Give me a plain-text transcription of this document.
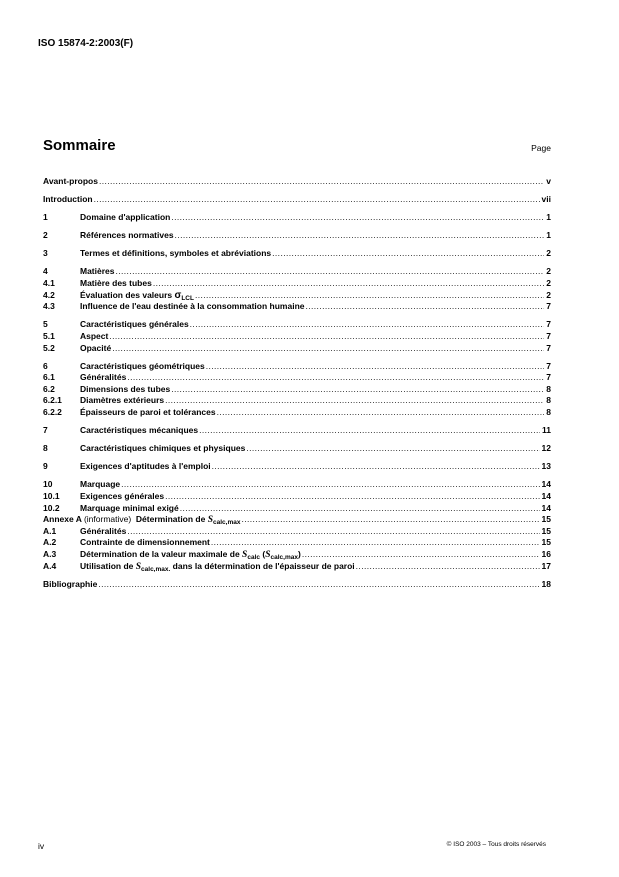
ISO 15874-2:2003(F)
Sommaire	Page
Avant-propos .....	v
Introduction .....	vii
1	Domaine d'application .....	1
2	Références normatives .....	1
3	Termes et définitions, symboles et abréviations .....	2
4	Matières .....	2
4.1	Matière des tubes .....	2
4.2	Évaluation des valeurs $\sigma_{LCL}$ .....	2
4.3	Influence de l'eau destinée à la consommation humaine .....	7
5	Caractéristiques générales .....	7
5.1	Aspect .....	7
5.2	Opacité .....	7
6	Caractéristiques géométriques .....	7
6.1	Généralités .....	7
6.2	Dimensions des tubes .....	8
6.2.1	Diamètres extérieurs .....	8
6.2.2	Épaisseurs de paroi et tolérances .....	8
7	Caractéristiques mécaniques .....	11
8	Caractéristiques chimiques et physiques .....	12
9	Exigences d'aptitudes à l'emploi .....	13
10	Marquage .....	14
10.1	Exigences générales .....	14
10.2	Marquage minimal exigé .....	14
Annexe A (informative) Détermination de $S_{calc,max}$ .....	15
A.1	Généralités .....	15
A.2	Contrainte de dimensionnement .....	15
A.3	Détermination de la valeur maximale de $S_{calc}$ $(S_{calc,max})$ .....	16
A.4	Utilisation de $S_{calc,max.}$ dans la détermination de l'épaisseur de paroi .....	17
Bibliographie .....	18
iv	© ISO 2003 – Tous droits réservés
